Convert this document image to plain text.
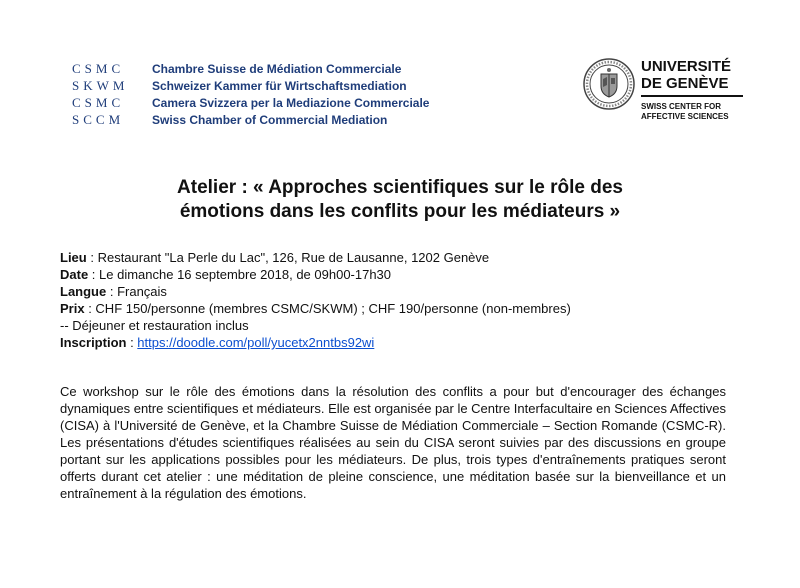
CSMC	Chambre Suisse de Médiation Commerciale
SKWM	Schweizer Kammer für Wirtschaftsmediation
CSMC	Camera Svizzera per la Mediazione Commerciale
SCCM	Swiss Chamber of Commercial Mediation
UNIVERSITÉ
DE GENÈVE
SWISS CENTER FOR
AFFECTIVE SCIENCES
Atelier : « Approches scientifiques sur le rôle des
émotions dans les conflits pour les médiateurs »
Lieu : Restaurant "La Perle du Lac", 126, Rue de Lausanne, 1202 Genève
Date : Le dimanche 16 septembre 2018, de 09h00-17h30
Langue : Français
Prix : CHF 150/personne (membres CSMC/SKWM) ; CHF 190/personne (non-membres)
-- Déjeuner et restauration inclus
Inscription : https://doodle.com/poll/yucetx2nntbs92wi
Ce workshop sur le rôle des émotions dans la résolution des conflits a pour but d'encourager des échanges dynamiques entre scientifiques et médiateurs. Elle est organisée par le Centre Interfacultaire en Sciences Affectives (CISA) à l'Université de Genève, et la Chambre Suisse de Médiation Commerciale – Section Romande (CSMC-R). Les présentations d'études scientifiques réalisées au sein du CISA seront suivies par des discussions en groupe portant sur les applications possibles pour les médiateurs. De plus, trois types d'entraînements pratiques seront offerts durant cet atelier : une méditation de pleine conscience, une méditation basée sur la bienveillance et un entraînement à la régulation des émotions.
